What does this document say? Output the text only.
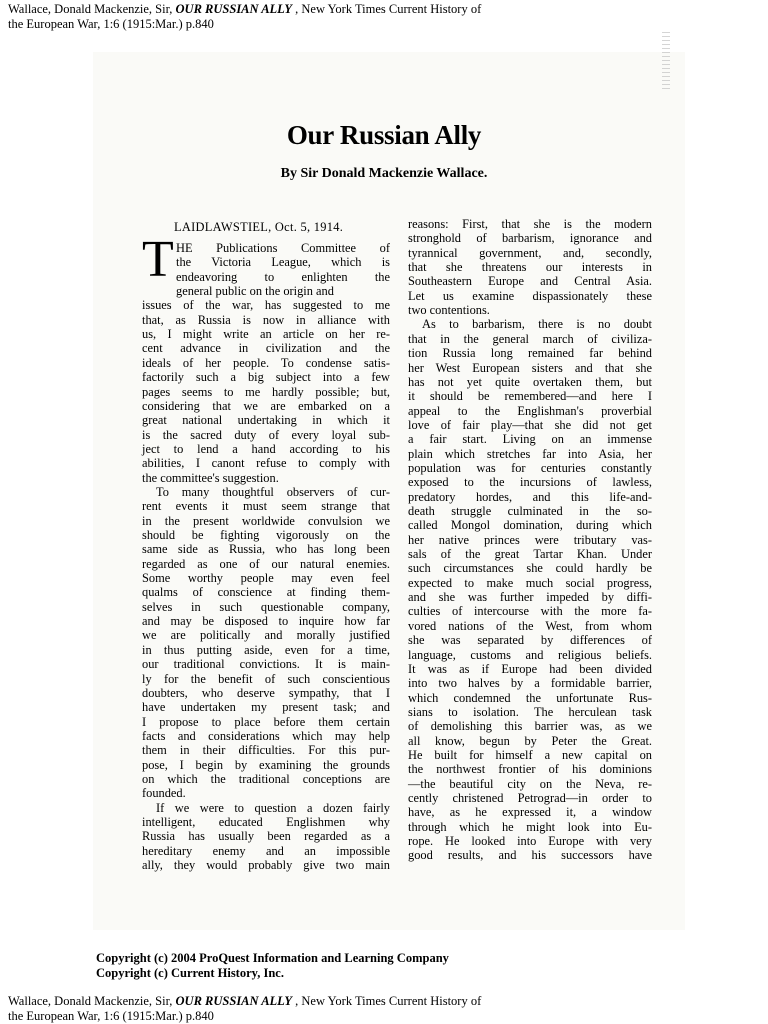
Wallace, Donald Mackenzie, Sir, OUR RUSSIAN ALLY , New York Times Current History of
the European War, 1:6 (1915:Mar.) p.840
Our Russian Ally
By Sir Donald Mackenzie Wallace.
LAIDLAWSTIEL, Oct. 5, 1914.
T HE Publications Committee of
the Victoria League, which is
endeavoring to enlighten the
general public on the origin and
issues of the war, has suggested to me
that, as Russia is now in alliance with
us, I might write an article on her re-
cent advance in civilization and the
ideals of her people. To condense satis-
factorily such a big subject into a few
pages seems to me hardly possible; but,
considering that we are embarked on a
great national undertaking in which it
is the sacred duty of every loyal sub-
ject to lend a hand according to his
abilities, I canont refuse to comply with
the committee's suggestion.
To many thoughtful observers of cur-
rent events it must seem strange that
in the present worldwide convulsion we
should be fighting vigorously on the
same side as Russia, who has long been
regarded as one of our natural enemies.
Some worthy people may even feel
qualms of conscience at finding them-
selves in such questionable company,
and may be disposed to inquire how far
we are politically and morally justified
in thus putting aside, even for a time,
our traditional convictions. It is main-
ly for the benefit of such conscientious
doubters, who deserve sympathy, that I
have undertaken my present task; and
I propose to place before them certain
facts and considerations which may help
them in their difficulties. For this pur-
pose, I begin by examining the grounds
on which the traditional conceptions are
founded.
If we were to question a dozen fairly
intelligent, educated Englishmen why
Russia has usually been regarded as a
hereditary enemy and an impossible
ally, they would probably give two main
reasons: First, that she is the modern
stronghold of barbarism, ignorance and
tyrannical government, and, secondly,
that she threatens our interests in
Southeastern Europe and Central Asia.
Let us examine dispassionately these
two contentions.
As to barbarism, there is no doubt
that in the general march of civiliza-
tion Russia long remained far behind
her West European sisters and that she
has not yet quite overtaken them, but
it should be remembered—and here I
appeal to the Englishman's proverbial
love of fair play—that she did not get
a fair start. Living on an immense
plain which stretches far into Asia, her
population was for centuries constantly
exposed to the incursions of lawless,
predatory hordes, and this life-and-
death struggle culminated in the so-
called Mongol domination, during which
her native princes were tributary vas-
sals of the great Tartar Khan. Under
such circumstances she could hardly be
expected to make much social progress,
and she was further impeded by diffi-
culties of intercourse with the more fa-
vored nations of the West, from whom
she was separated by differences of
language, customs and religious beliefs.
It was as if Europe had been divided
into two halves by a formidable barrier,
which condemned the unfortunate Rus-
sians to isolation. The herculean task
of demolishing this barrier was, as we
all know, begun by Peter the Great.
He built for himself a new capital on
the northwest frontier of his dominions
—the beautiful city on the Neva, re-
cently christened Petrograd—in order to
have, as he expressed it, a window
through which he might look into Eu-
rope. He looked into Europe with very
good results, and his successors have
Copyright (c) 2004 ProQuest Information and Learning Company
Copyright (c) Current History, Inc.
Wallace, Donald Mackenzie, Sir, OUR RUSSIAN ALLY , New York Times Current History of
the European War, 1:6 (1915:Mar.) p.840
